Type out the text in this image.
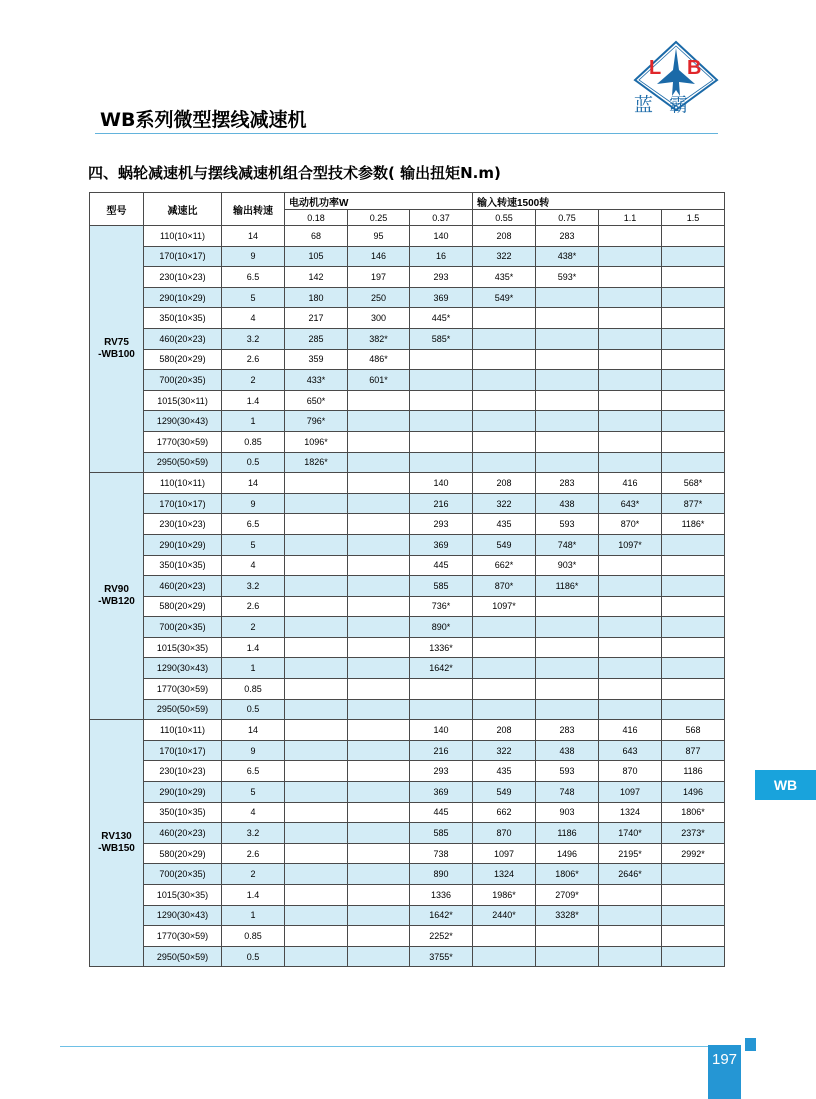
L B
蓝霸
WB系列微型摆线减速机
四、蜗轮减速机与摆线减速机组合型技术参数( 输出扭矩N.m)
型号	减速比	输出转速	电动机功率W			输入转速1500转			
			0.18	0.25	0.37	0.55	0.75	1.1	1.5

RV75
-WB100	110(10×11)	14	68	95	140	208	283		
	170(10×17)	9	105	146	16	322	438*		
	230(10×23)	6.5	142	197	293	435*	593*		
	290(10×29)	5	180	250	369	549*			
	350(10×35)	4	217	300	445*				
	460(20×23)	3.2	285	382*	585*				
	580(20×29)	2.6	359	486*					
	700(20×35)	2	433*	601*					
	1015(30×11)	1.4	650*						
	1290(30×43)	1	796*						
	1770(30×59)	0.85	1096*						
	2950(50×59)	0.5	1826*						

RV90
-WB120	110(10×11)	14			140	208	283	416	568*
	170(10×17)	9			216	322	438	643*	877*
	230(10×23)	6.5			293	435	593	870*	1186*
	290(10×29)	5			369	549	748*	1097*	
	350(10×35)	4			445	662*	903*		
	460(20×23)	3.2			585	870*	1186*		
	580(20×29)	2.6			736*	1097*			
	700(20×35)	2			890*				
	1015(30×35)	1.4			1336*				
	1290(30×43)	1			1642*				
	1770(30×59)	0.85							
	2950(50×59)	0.5							

RV130
-WB150	110(10×11)	14			140	208	283	416	568
	170(10×17)	9			216	322	438	643	877
	230(10×23)	6.5			293	435	593	870	1186
	290(10×29)	5			369	549	748	1097	1496
	350(10×35)	4			445	662	903	1324	1806*
	460(20×23)	3.2			585	870	1186	1740*	2373*
	580(20×29)	2.6			738	1097	1496	2195*	2992*
	700(20×35)	2			890	1324	1806*	2646*	
	1015(30×35)	1.4			1336	1986*	2709*		
	1290(30×43)	1			1642*	2440*	3328*		
	1770(30×59)	0.85			2252*				
	2950(50×59)	0.5			3755*				
WB
197
